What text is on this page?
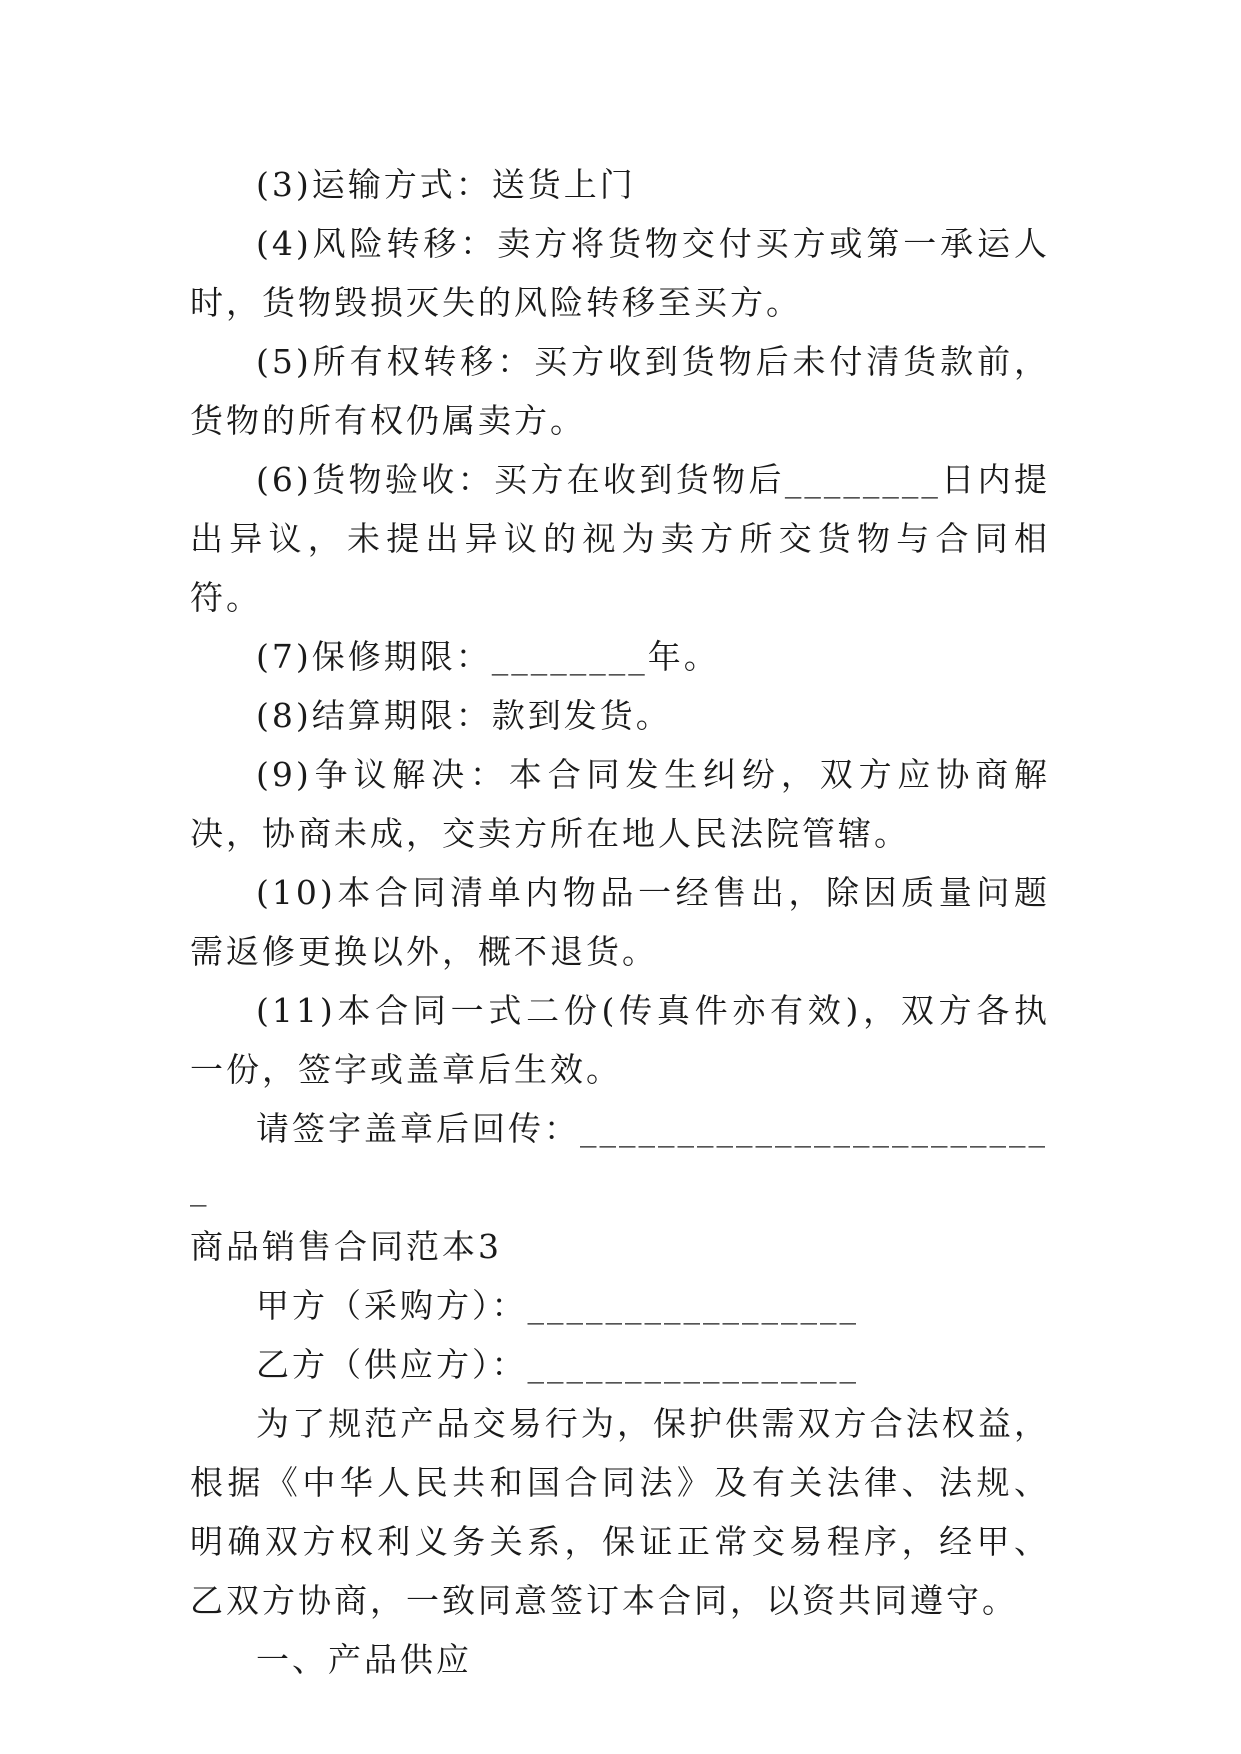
(3)运输方式：送货上门

(4)风险转移：卖方将货物交付买方或第一承运人时，货物毁损灭失的风险转移至买方。

(5)所有权转移：买方收到货物后未付清货款前，货物的所有权仍属卖方。

(6)货物验收：买方在收到货物后________日内提出异议，未提出异议的视为卖方所交货物与合同相符。

(7)保修期限：________年。

(8)结算期限：款到发货。

(9)争议解决：本合同发生纠纷，双方应协商解决，协商未成，交卖方所在地人民法院管辖。

(10)本合同清单内物品一经售出，除因质量问题需返修更换以外，概不退货。

(11)本合同一式二份(传真件亦有效)，双方各执一份，签字或盖章后生效。

请签字盖章后回传：_________________________

商品销售合同范本3

甲方（采购方）：_________________

乙方（供应方）：_________________

为了规范产品交易行为，保护供需双方合法权益，根据《中华人民共和国合同法》及有关法律、法规、明确双方权利义务关系，保证正常交易程序，经甲、乙双方协商，一致同意签订本合同，以资共同遵守。

一、产品供应
